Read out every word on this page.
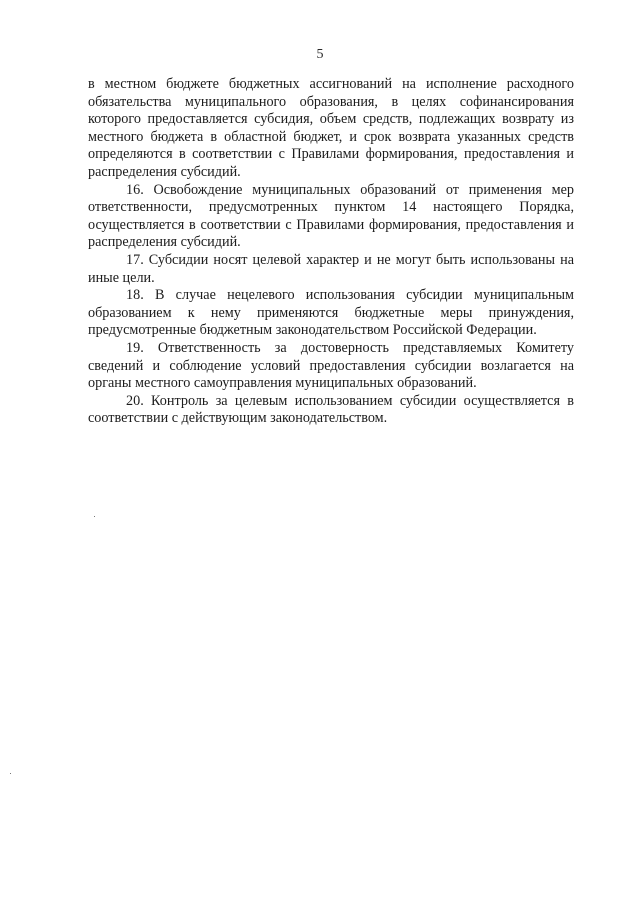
5

в местном бюджете бюджетных ассигнований на исполнение расходного обязательства муниципального образования, в целях софинансирования которого предоставляется субсидия, объем средств, подлежащих возврату из местного бюджета в областной бюджет, и срок возврата указанных средств определяются в соответствии с Правилами формирования, предоставления и распределения субсидий.

16. Освобождение муниципальных образований от применения мер ответственности, предусмотренных пунктом 14 настоящего Порядка, осуществляется в соответствии с Правилами формирования, предоставления и распределения субсидий.

17. Субсидии носят целевой характер и не могут быть использованы на иные цели.

18. В случае нецелевого использования субсидии муниципальным образованием к нему применяются бюджетные меры принуждения, предусмотренные бюджетным законодательством Российской Федерации.

19. Ответственность за достоверность представляемых Комитету сведений и соблюдение условий предоставления субсидии возлагается на органы местного самоуправления муниципальных образований.

20. Контроль за целевым использованием субсидии осуществляется в соответствии с действующим законодательством.
